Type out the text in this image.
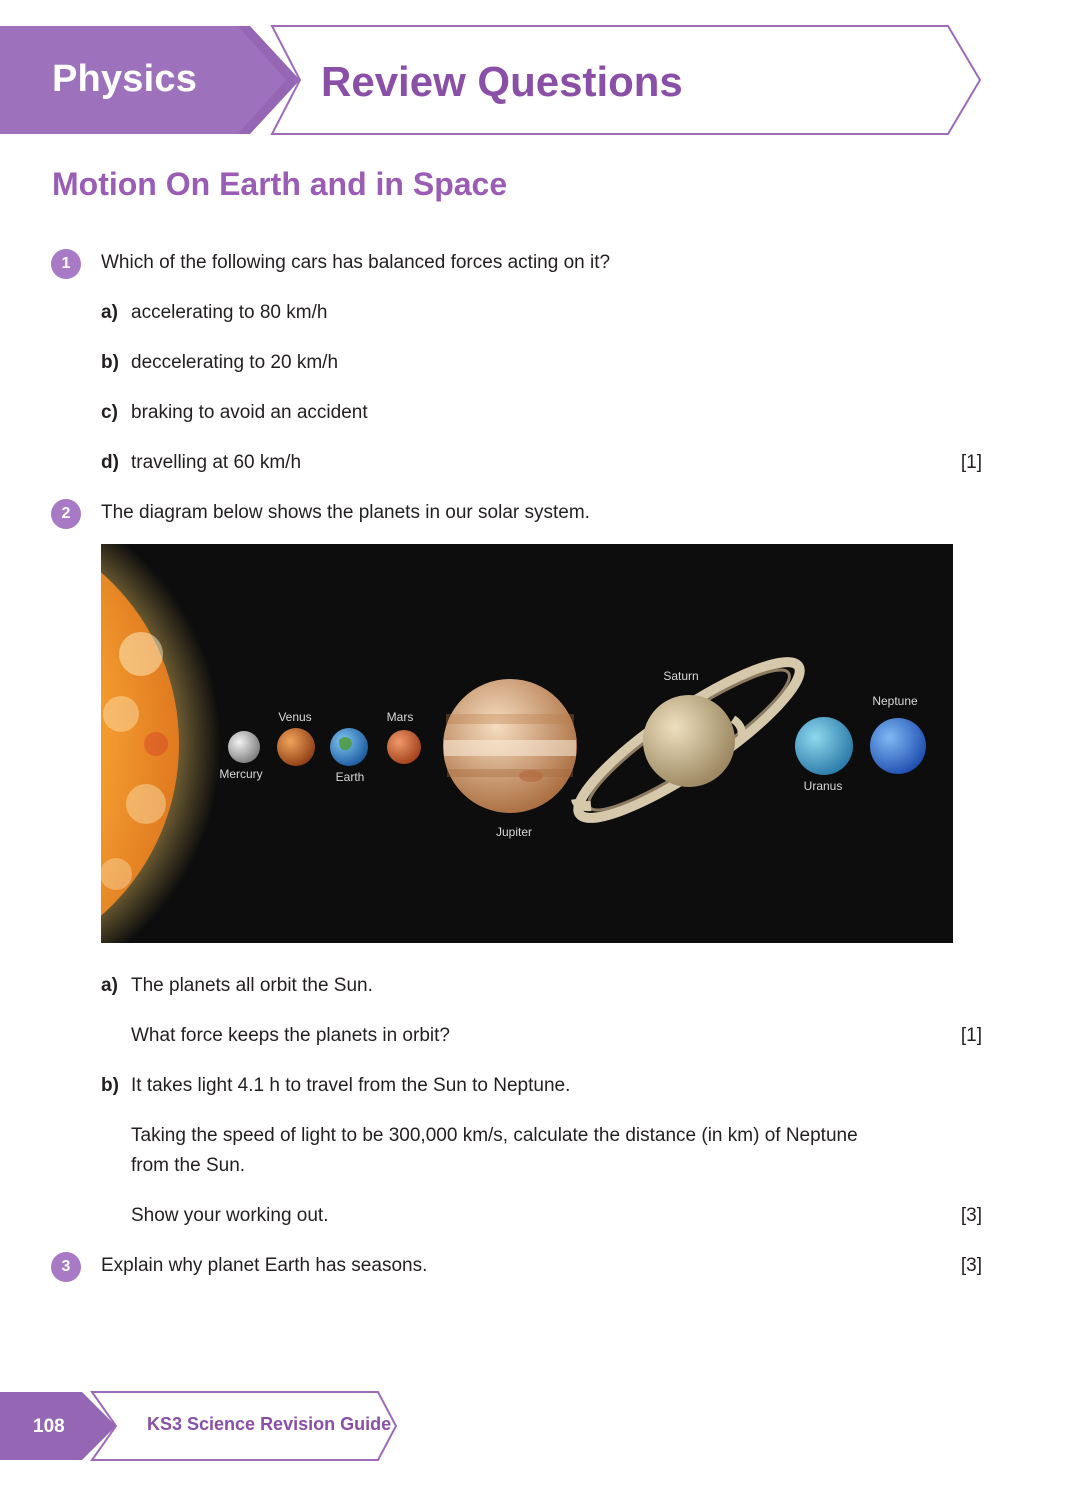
Physics	Review Questions
Motion On Earth and in Space
1	Which of the following cars has balanced forces acting on it?
a) accelerating to 80 km/h
b) deccelerating to 20 km/h
c) braking to avoid an accident
d) travelling at 60 km/h	[1]
2	The diagram below shows the planets in our solar system.
Mercury
Venus
Earth
Mars
Jupiter
Saturn
Uranus
Neptune
a) The planets all orbit the Sun.
What force keeps the planets in orbit?	[1]
b) It takes light 4.1 h to travel from the Sun to Neptune.
Taking the speed of light to be 300,000 km/s, calculate the distance (in km) of Neptune
from the Sun.
Show your working out.	[3]
3	Explain why planet Earth has seasons.	[3]
108	KS3 Science Revision Guide
